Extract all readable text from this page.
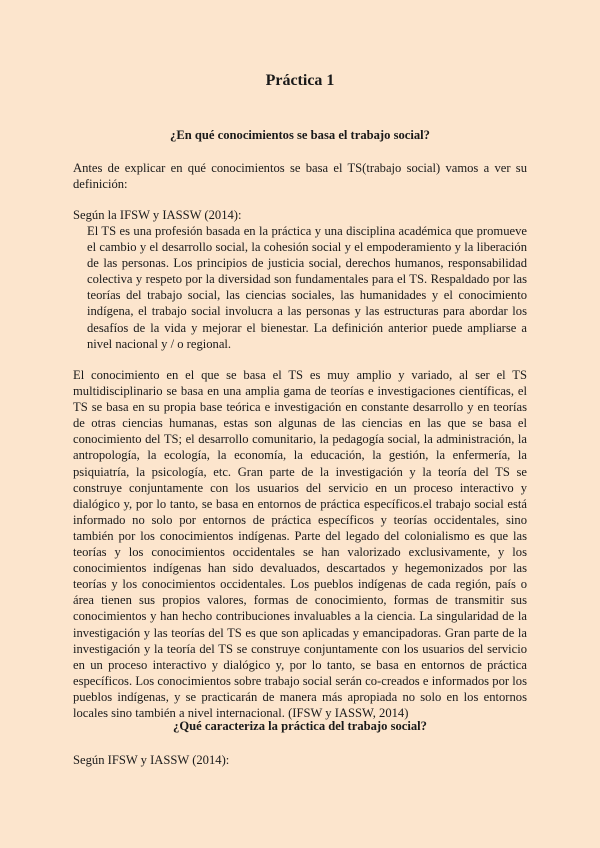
Práctica 1
¿En qué conocimientos se basa el trabajo social?

Antes de explicar en qué conocimientos se basa el TS(trabajo social) vamos a ver su definición:

Según la IFSW y IASSW (2014):

El TS es una profesión basada en la práctica y una disciplina académica que promueve el cambio y el desarrollo social, la cohesión social y el empoderamiento y la liberación de las personas. Los principios de justicia social, derechos humanos, responsabilidad colectiva y respeto por la diversidad son fundamentales para el TS. Respaldado por las teorías del trabajo social, las ciencias sociales, las humanidades y el conocimiento indígena, el trabajo social involucra a las personas y las estructuras para abordar los desafíos de la vida y mejorar el bienestar. La definición anterior puede ampliarse a nivel nacional y / o regional.

El conocimiento en el que se basa el TS es muy amplio y variado, al ser el TS multidisciplinario se basa en una amplia gama de teorías e investigaciones científicas, el TS se basa en su propia base teórica e investigación en constante desarrollo y en teorías de otras ciencias humanas, estas son algunas de las ciencias en las que se basa el conocimiento del TS; el desarrollo comunitario, la pedagogía social, la administración, la antropología, la ecología, la economía, la educación, la gestión, la enfermería, la psiquiatría, la psicología, etc. Gran parte de la investigación y la teoría del TS se construye conjuntamente con los usuarios del servicio en un proceso interactivo y dialógico y, por lo tanto, se basa en entornos de práctica específicos.el trabajo social está informado no solo por entornos de práctica específicos y teorías occidentales, sino también por los conocimientos indígenas. Parte del legado del colonialismo es que las teorías y los conocimientos occidentales se han valorizado exclusivamente, y los conocimientos indígenas han sido devaluados, descartados y hegemonizados por las teorías y los conocimientos occidentales. Los pueblos indígenas de cada región, país o área tienen sus propios valores, formas de conocimiento, formas de transmitir sus conocimientos y han hecho contribuciones invaluables a la ciencia. La singularidad de la investigación y las teorías del TS es que son aplicadas y emancipadoras. Gran parte de la investigación y la teoría del TS se construye conjuntamente con los usuarios del servicio en un proceso interactivo y dialógico y, por lo tanto, se basa en entornos de práctica específicos. Los conocimientos sobre trabajo social serán co-creados e informados por los pueblos indígenas, y se practicarán de manera más apropiada no solo en los entornos locales sino también a nivel internacional. (IFSW y IASSW, 2014)

¿Qué caracteriza la práctica del trabajo social?

Según IFSW y IASSW (2014):
